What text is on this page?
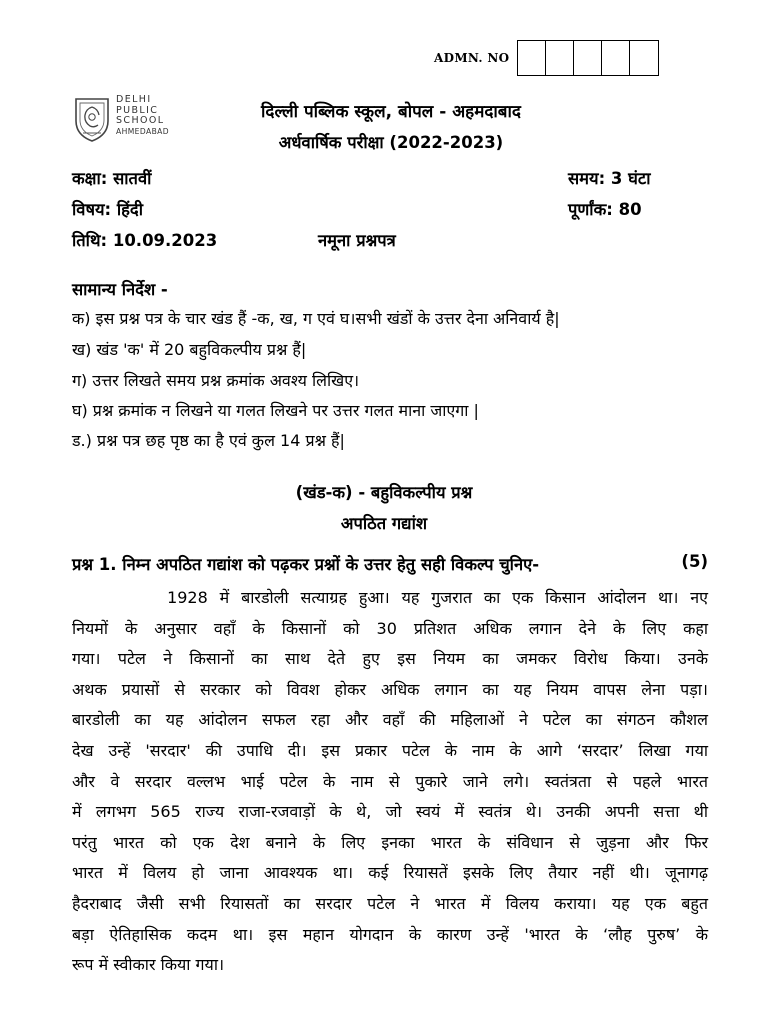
ADMN. NO
DELHI
PUBLIC
SCHOOL
AHMEDABAD
दिल्ली पब्लिक स्कूल, बोपल - अहमदाबाद
अर्धवार्षिक परीक्षा (2022-2023)
कक्षा: सातवीं	समय: 3 घंटा
विषय: हिंदी	पूर्णांक: 80
तिथि: 10.09.2023	नमूना प्रश्नपत्र
सामान्य निर्देश -
क) इस प्रश्न पत्र के चार खंड हैं -क, ख, ग एवं घ।सभी खंडों के उत्तर देना अनिवार्य है|
ख) खंड 'क' में 20 बहुविकल्पीय प्रश्न हैं|
ग) उत्तर लिखते समय प्रश्न क्रमांक अवश्य लिखिए।
घ) प्रश्न क्रमांक न लिखने या गलत लिखने पर उत्तर गलत माना जाएगा |
ड.) प्रश्न पत्र छह पृष्ठ का है एवं कुल 14 प्रश्न हैं|
(खंड-क) - बहुविकल्पीय प्रश्न
अपठित गद्यांश
प्रश्न 1. निम्न अपठित गद्यांश को पढ़कर प्रश्नों के उत्तर हेतु सही विकल्प चुनिए-	(5)
1928 में बारडोली सत्याग्रह हुआ। यह गुजरात का एक किसान आंदोलन था। नए
नियमों के अनुसार वहाँ के किसानों को 30 प्रतिशत अधिक लगान देने के लिए कहा
गया। पटेल ने किसानों का साथ देते हुए इस नियम का जमकर विरोध किया। उनके
अथक प्रयासों से सरकार को विवश होकर अधिक लगान का यह नियम वापस लेना पड़ा।
बारडोली का यह आंदोलन सफल रहा और वहाँ की महिलाओं ने पटेल का संगठन कौशल
देख उन्हें 'सरदार' की उपाधि दी। इस प्रकार पटेल के नाम के आगे ‘सरदार’ लिखा गया
और वे सरदार वल्लभ भाई पटेल के नाम से पुकारे जाने लगे। स्वतंत्रता से पहले भारत
में लगभग 565 राज्य राजा-रजवाड़ों के थे, जो स्वयं में स्वतंत्र थे। उनकी अपनी सत्ता थी
परंतु भारत को एक देश बनाने के लिए इनका भारत के संविधान से जुड़ना और फिर
भारत में विलय हो जाना आवश्यक था। कई रियासतें इसके लिए तैयार नहीं थी। जूनागढ़
हैदराबाद जैसी सभी रियासतों का सरदार पटेल ने भारत में विलय कराया। यह एक बहुत
बड़ा ऐतिहासिक कदम था। इस महान योगदान के कारण उन्हें 'भारत के ‘लौह पुरुष’ के
रूप में स्वीकार किया गया।
